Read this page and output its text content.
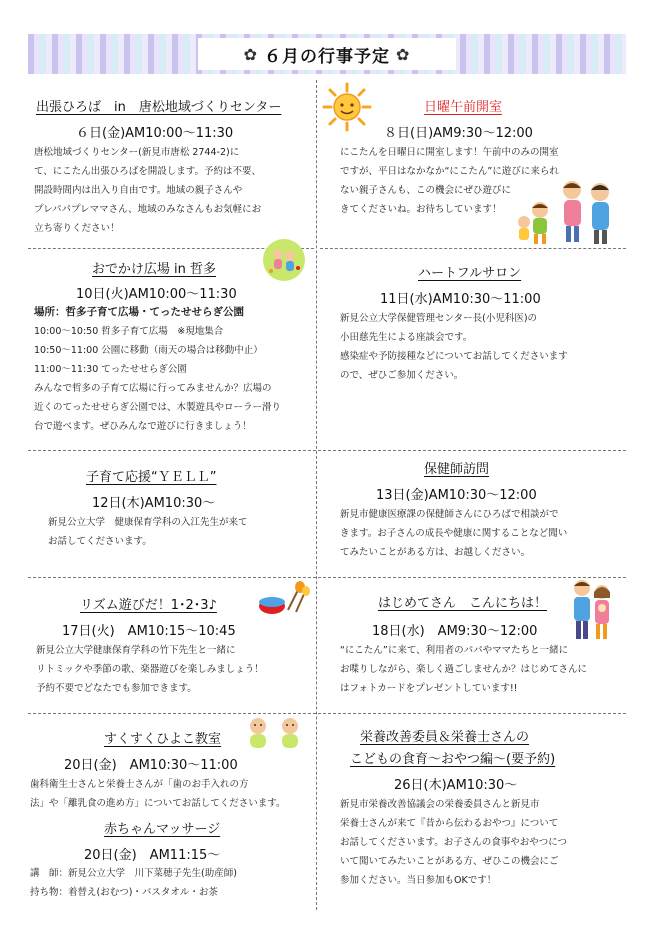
✿ ６月の行事予定 ✿
出張ひろば　in　唐松地域づくりセンター
６日(金)AM10:00～11:30

唐松地域づくりセンター(新見市唐松 2744-2)に

て、にこたん出張ひろばを開設します。予約は不要、

開設時間内は出入り自由です。地域の親子さんや

プレパパプレママさん、地域のみなさんもお気軽にお

立ち寄りください！

日曜午前開室
８日(日)AM9:30～12:00

にこたんを日曜日に開室します！午前中のみの開室

ですが、平日はなかなか“にこたん”に遊びに来られ

ない親子さんも、この機会にぜひ遊びに

きてくださいね。お待ちしています！

おでかけ広場 in 哲多
10日(火)AM10:00～11:30

場所：哲多子育て広場・てったせせらぎ公園

10:00～10:50 哲多子育て広場　※現地集合

10:50～11:00 公園に移動（雨天の場合は移動中止）

11:00～11:30 てったせせらぎ公園

みんなで哲多の子育て広場に行ってみませんか？広場の

近くのてったせせらぎ公園では、木製遊具やローラー滑り

台で遊べます。ぜひみんなで遊びに行きましょう！

ハートフルサロン
11日(水)AM10:30～11:00

新見公立大学保健管理センター長(小児科医)の

小田慈先生による座談会です。

感染症や予防接種などについてお話してくださいます

ので、ぜひご参加ください。

子育て応援“ＹＥＬＬ”
12日(木)AM10:30～

新見公立大学　健康保育学科の入江先生が来て

お話してくださいます。

保健師訪問
13日(金)AM10:30～12:00

新見市健康医療課の保健師さんにひろばで相談がで

きます。お子さんの成長や健康に関することなど聞い

てみたいことがある方は、お越しください。

リズム遊びだ！1･2･3♪
17日(火)　AM10:15～10:45

新見公立大学健康保育学科の竹下先生と一緒に

リトミックや季節の歌、楽器遊びを楽しみましょう！

予約不要でどなたでも参加できます。

はじめてさん　こんにちは！
18日(水)　AM9:30～12:00

“にこたん”に来て、利用者のパパやママたちと一緒に

お喋りしながら、楽しく過ごしませんか？はじめてさんに

はフォトカードをプレゼントしています!!

すくすくひよこ教室
20日(金)　AM10:30～11:00

歯科衛生士さんと栄養士さんが「歯のお手入れの方

法」や「離乳食の進め方」についてお話してくださいます。

赤ちゃんマッサージ
20日(金)　AM11:15～

講　師：新見公立大学　川下菜穂子先生(助産師)

持ち物：着替え(おむつ)・バスタオル・お茶

栄養改善委員＆栄養士さんの
こどもの食育～おやつ編～(要予約)
26日(木)AM10:30～

新見市栄養改善協議会の栄養委員さんと新見市

栄養士さんが来て『昔から伝わるおやつ』について

お話してくださいます。お子さんの食事やおやつにつ

いて聞いてみたいことがある方、ぜひこの機会にご

参加ください。当日参加もOKです！
